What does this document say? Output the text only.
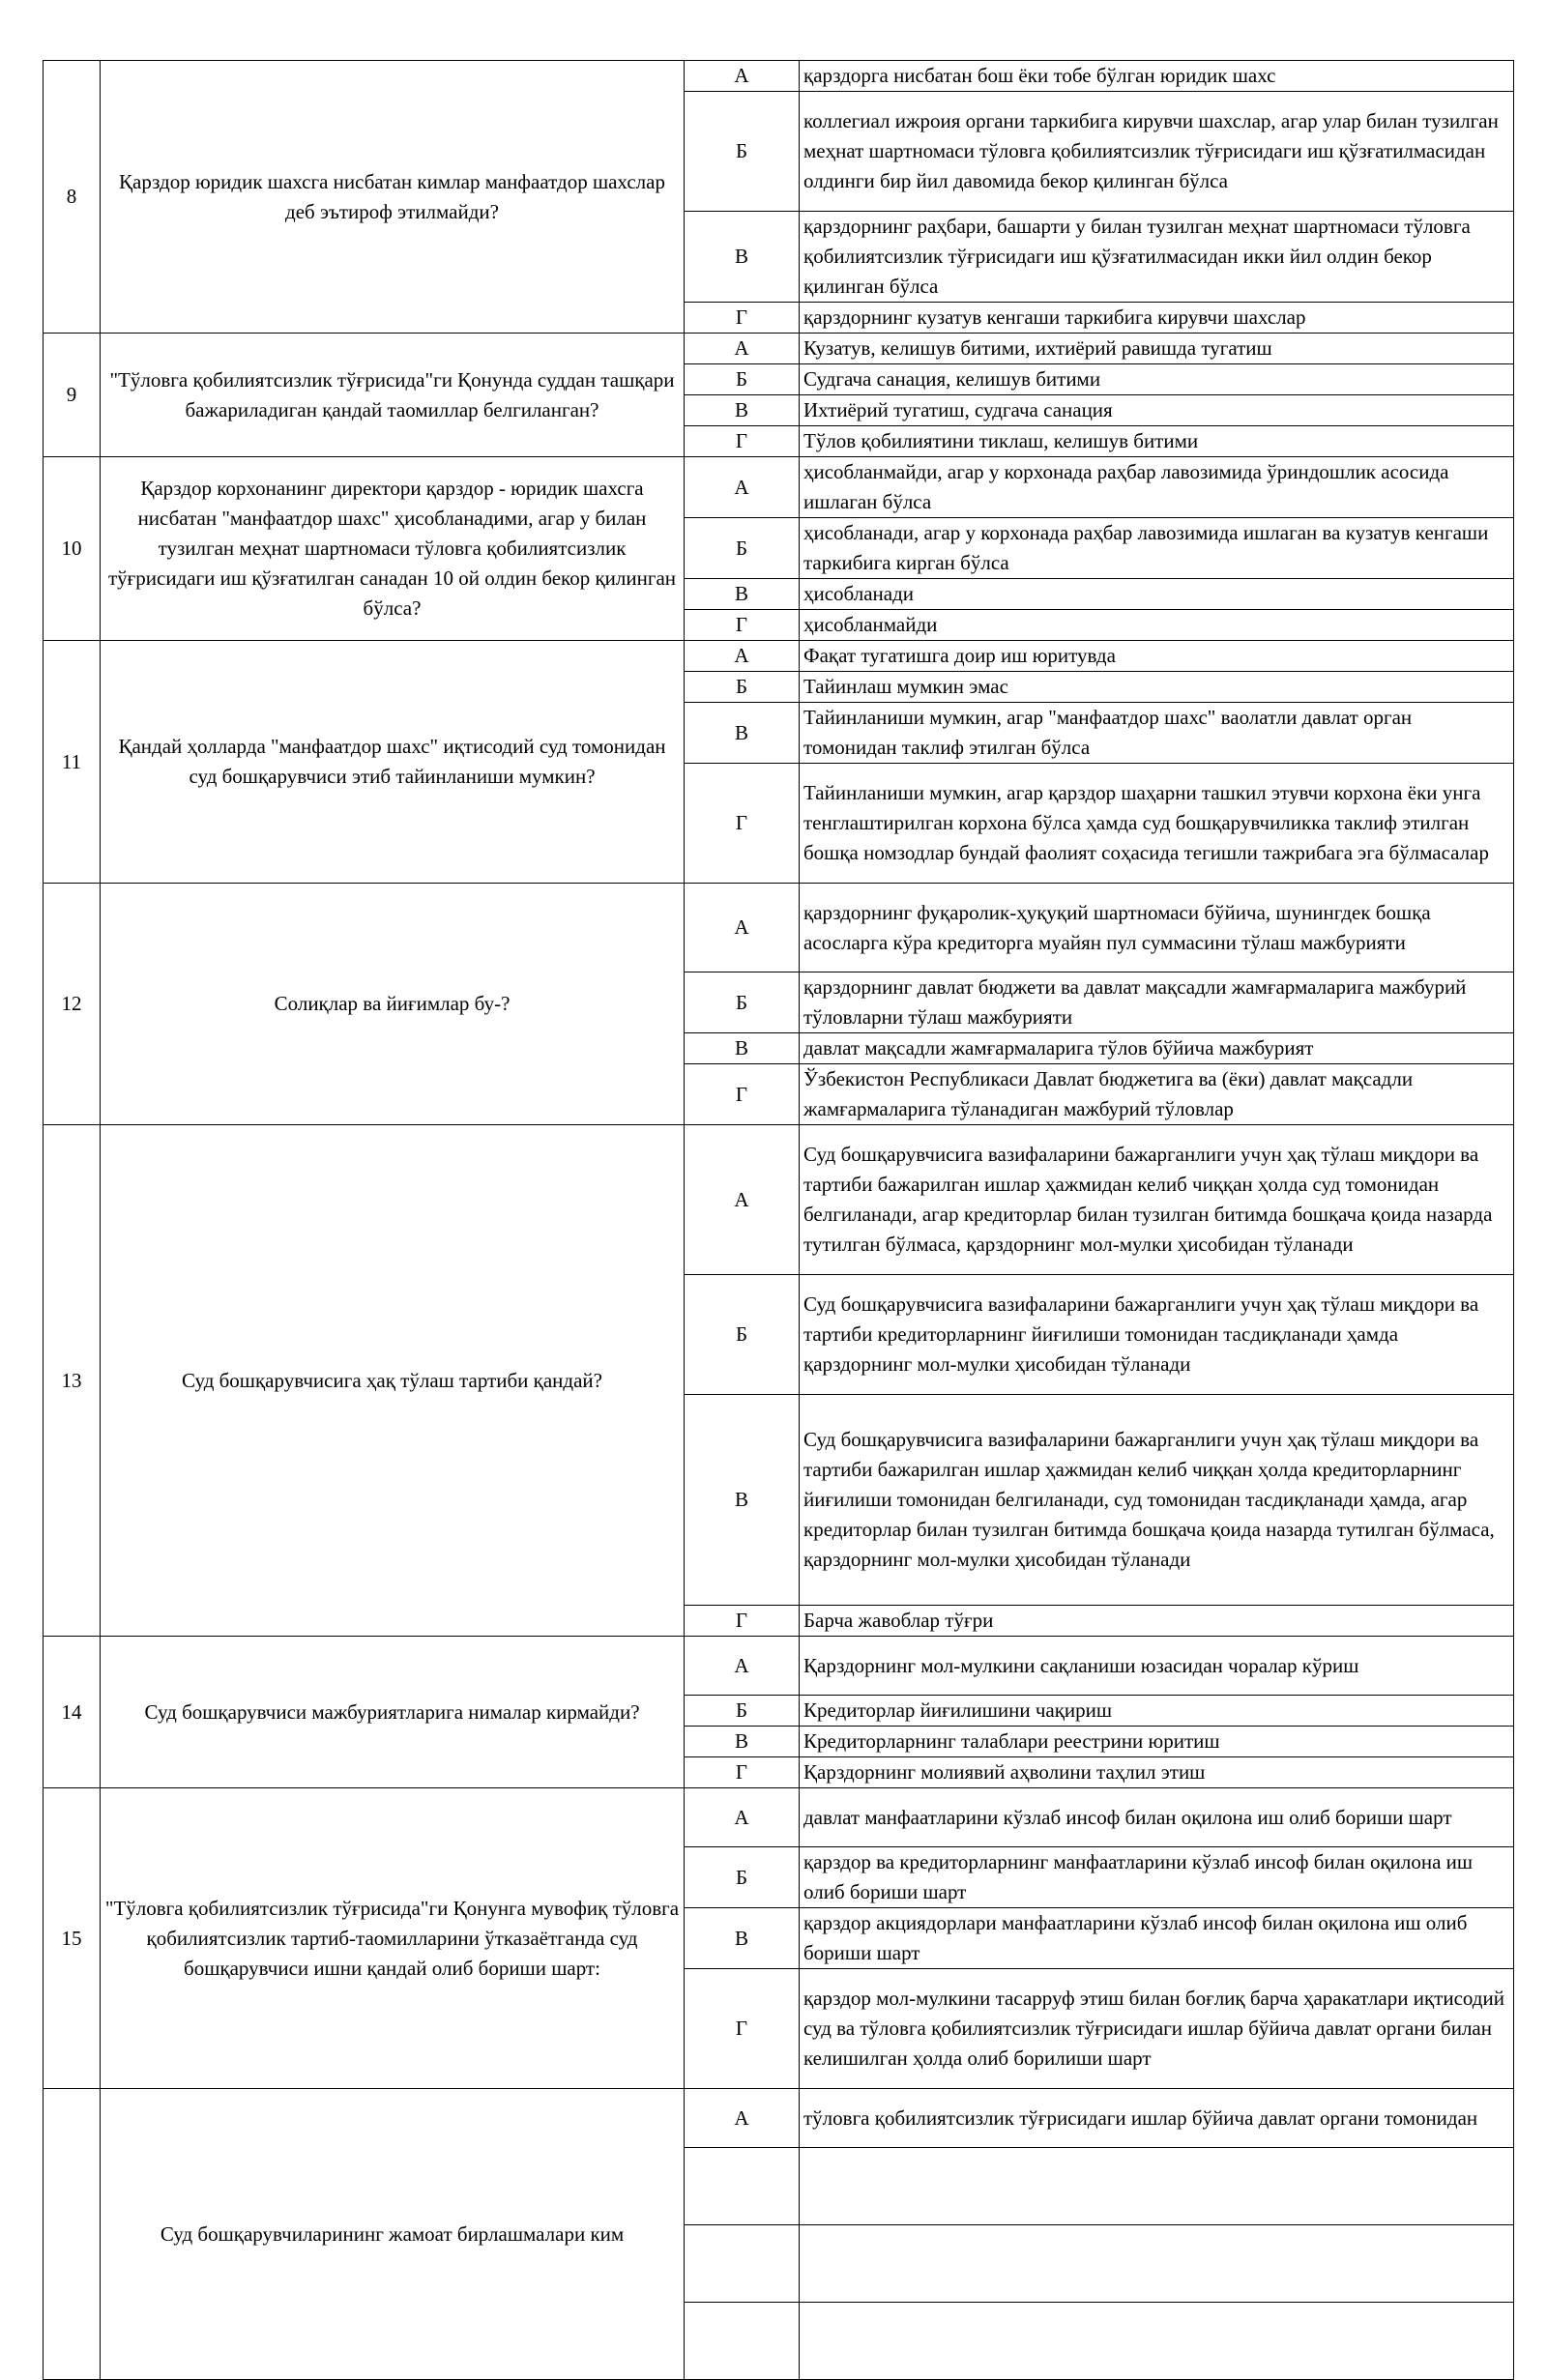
8	Қарздор юридик шахсга нисбатан кимлар манфаатдор шахслар деб эътироф этилмайди?	А	қарздорга нисбатан бош ёки тобе бўлган юридик шахс
		Б	коллегиал ижроия органи таркибига кирувчи шахслар, агар улар билан тузилган меҳнат шартномаси тўловга қобилиятсизлик тўғрисидаги иш қўзғатилмасидан олдинги бир йил давомида бекор қилинган бўлса
		В	қарздорнинг раҳбари, башарти у билан тузилган меҳнат шартномаси тўловга қобилиятсизлик тўғрисидаги иш қўзғатилмасидан икки йил олдин бекор қилинган бўлса
		Г	қарздорнинг кузатув кенгаши таркибига кирувчи шахслар
9	"Тўловга қобилиятсизлик тўғрисида"ги Қонунда суддан ташқари бажариладиган қандай таомиллар белгиланган?	А	Кузатув, келишув битими, ихтиёрий равишда тугатиш
		Б	Судгача санация, келишув битими
		В	Ихтиёрий тугатиш, судгача санация
		Г	Тўлов қобилиятини тиклаш, келишув битими
10	Қарздор корхонанинг директори қарздор - юридик шахсга нисбатан "манфаатдор шахс" ҳисобланадими, агар у билан тузилган меҳнат шартномаси тўловга қобилиятсизлик тўғрисидаги иш қўзғатилган санадан 10 ой олдин бекор қилинган бўлса?	А	ҳисобланмайди, агар у корхонада раҳбар лавозимида ўриндошлик асосида ишлаган бўлса
		Б	ҳисобланади, агар у корхонада раҳбар лавозимида ишлаган ва кузатув кенгаши таркибига кирган бўлса
		В	ҳисобланади
		Г	ҳисобланмайди
11	Қандай ҳолларда "манфаатдор шахс" иқтисодий суд томонидан суд бошқарувчиси этиб тайинланиши мумкин?	А	Фақат тугатишга доир иш юритувда
		Б	Тайинлаш мумкин эмас
		В	Тайинланиши мумкин, агар "манфаатдор шахс" ваолатли давлат орган томонидан таклиф этилган бўлса
		Г	Тайинланиши мумкин, агар қарздор шаҳарни ташкил этувчи корхона ёки унга тенглаштирилган корхона бўлса ҳамда суд бошқарувчиликка таклиф этилган бошқа номзодлар бундай фаолият соҳасида тегишли тажрибага эга бўлмасалар
12	Солиқлар ва йиғимлар бу-?	А	қарздорнинг фуқаролик-ҳуқуқий шартномаси бўйича, шунингдек бошқа асосларга кўра кредиторга муайян пул суммасини тўлаш мажбурияти
		Б	қарздорнинг давлат бюджети ва давлат мақсадли жамғармаларига мажбурий тўловларни тўлаш мажбурияти
		В	давлат мақсадли жамғармаларига тўлов бўйича мажбурият
		Г	Ўзбекистон Республикаси Давлат бюджетига ва (ёки) давлат мақсадли жамғармаларига тўланадиган мажбурий тўловлар
13	Суд бошқарувчисига ҳақ тўлаш тартиби қандай?	А	Суд бошқарувчисига вазифаларини бажарганлиги учун ҳақ тўлаш миқдори ва тартиби бажарилган ишлар ҳажмидан келиб чиққан ҳолда суд томонидан белгиланади, агар кредиторлар билан тузилган битимда бошқача қоида назарда тутилган бўлмаса, қарздорнинг мол-мулки ҳисобидан тўланади
		Б	Суд бошқарувчисига вазифаларини бажарганлиги учун ҳақ тўлаш миқдори ва тартиби кредиторларнинг йиғилиши томонидан тасдиқланади ҳамда қарздорнинг мол-мулки ҳисобидан тўланади
		В	Суд бошқарувчисига вазифаларини бажарганлиги учун ҳақ тўлаш миқдори ва тартиби бажарилган ишлар ҳажмидан келиб чиққан ҳолда кредиторларнинг йиғилиши томонидан белгиланади, суд томонидан тасдиқланади ҳамда, агар кредиторлар билан тузилган битимда бошқача қоида назарда тутилган бўлмаса, қарздорнинг мол-мулки ҳисобидан тўланади
		Г	Барча жавоблар тўғри
14	Суд бошқарувчиси мажбуриятларига нималар кирмайди?	А	Қарздорнинг мол-мулкини сақланиши юзасидан чоралар кўриш
		Б	Кредиторлар йиғилишини чақириш
		В	Кредиторларнинг талаблари реестрини юритиш
		Г	Қарздорнинг молиявий аҳволини таҳлил этиш
15	"Тўловга қобилиятсизлик тўғрисида"ги Қонунга мувофиқ тўловга қобилиятсизлик тартиб-таомилларини ўтказаётганда суд бошқарувчиси ишни қандай олиб бориши шарт:	А	давлат манфаатларини кўзлаб инсоф билан оқилона иш олиб бориши шарт
		Б	қарздор ва кредиторларнинг манфаатларини кўзлаб инсоф билан оқилона иш олиб бориши шарт
		В	қарздор акциядорлари манфаатларини кўзлаб инсоф билан оқилона иш олиб бориши шарт
		Г	қарздор мол-мулкини тасарруф этиш билан боғлиқ барча ҳаракатлари иқтисодий суд ва тўловга қобилиятсизлик тўғрисидаги ишлар бўйича давлат органи билан келишилган ҳолда олиб борилиши шарт
	Суд бошқарувчиларининг жамоат бирлашмалари ким	А	тўловга қобилиятсизлик тўғрисидаги ишлар бўйича давлат органи томонидан
